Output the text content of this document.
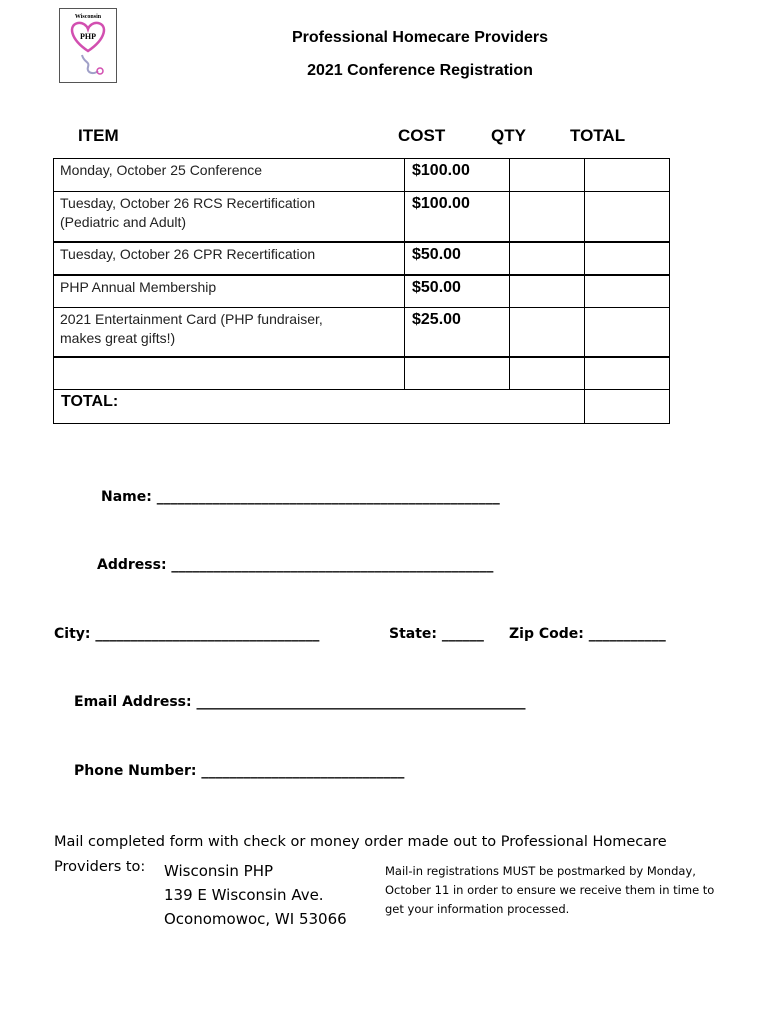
Wisconsin
PHP	Professional Homecare Providers
2021 Conference Registration
ITEM	COST	QTY	TOTAL
Monday, October 25 Conference	$100.00		
Tuesday, October 26 RCS Recertification
(Pediatric and Adult)	$100.00		
Tuesday, October 26 CPR Recertification	$50.00		
PHP Annual Membership	$50.00		
2021 Entertainment Card (PHP fundraiser,
makes great gifts!)	$25.00		

TOTAL:			
Name: _________________________________________________
Address: ______________________________________________
City: ________________________________	State: ______ Zip Code: ___________
Email Address: _______________________________________________
Phone Number: _____________________________
Mail completed form with check or money order made out to Professional Homecare
Providers to:	Wisconsin PHP
139 E Wisconsin Ave.
Oconomowoc, WI 53066
Mail-in registrations MUST be postmarked by Monday, October 11 in order to ensure we receive them in time to get your information processed.
